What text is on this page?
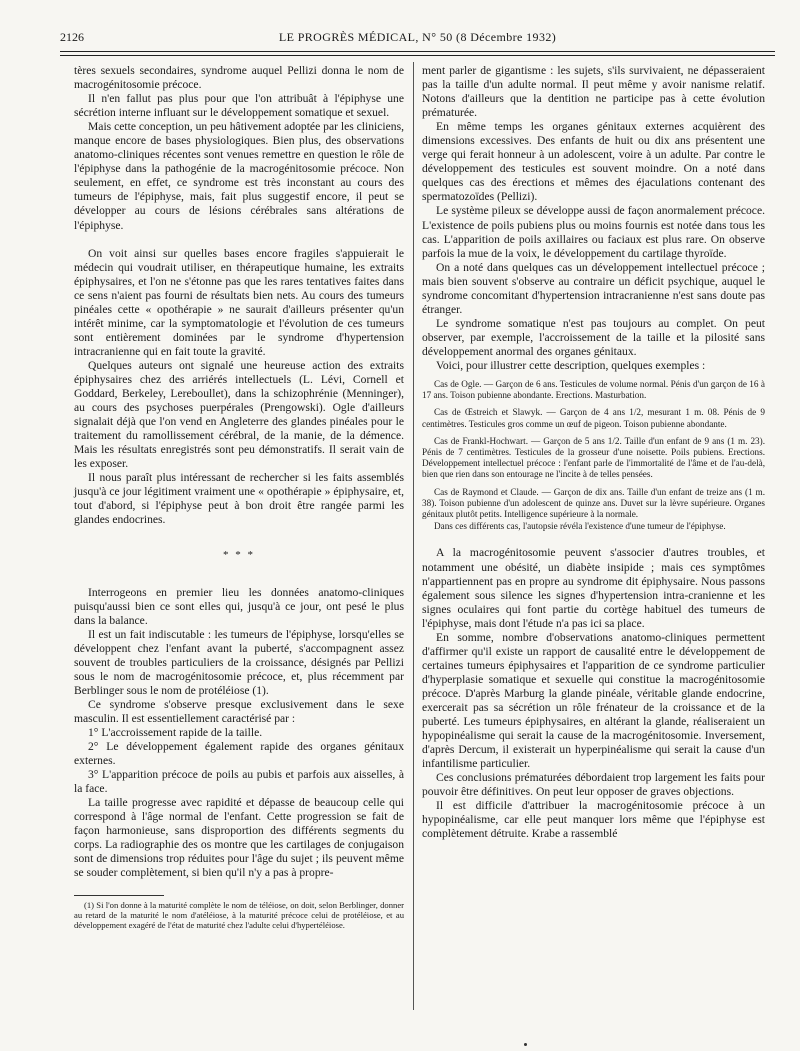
2126	LE PROGRÈS MÉDICAL, N° 50 (8 Décembre 1932)

tères sexuels secondaires, syndrome auquel Pellizi donna le nom de macrogénitosomie précoce.

Il n'en fallut pas plus pour que l'on attribuât à l'épiphyse une sécrétion interne influant sur le développement somatique et sexuel.

Mais cette conception, un peu hâtivement adoptée par les cliniciens, manque encore de bases physiologiques. Bien plus, des observations anatomo-cliniques récentes sont venues remettre en question le rôle de l'épiphyse dans la pathogénie de la macrogénitosomie précoce. Non seulement, en effet, ce syndrome est très inconstant au cours des tumeurs de l'épiphyse, mais, fait plus suggestif encore, il peut se développer au cours de lésions cérébrales sans altérations de l'épiphyse.

On voit ainsi sur quelles bases encore fragiles s'appuierait le médecin qui voudrait utiliser, en thérapeutique humaine, les extraits épiphysaires, et l'on ne s'étonne pas que les rares tentatives faites dans ce sens n'aient pas fourni de résultats bien nets. Au cours des tumeurs pinéales cette « opothérapie » ne saurait d'ailleurs présenter qu'un intérêt minime, car la symptomatologie et l'évolution de ces tumeurs sont entièrement dominées par le syndrome d'hypertension intracranienne qui en fait toute la gravité.

Quelques auteurs ont signalé une heureuse action des extraits épiphysaires chez des arriérés intellectuels (L. Lévi, Cornell et Goddard, Berkeley, Lereboullet), dans la schizophrénie (Menninger), au cours des psychoses puerpérales (Prengowski). Ogle d'ailleurs signalait déjà que l'on vend en Angleterre des glandes pinéales pour le traitement du ramollissement cérébral, de la manie, de la démence. Mais les résultats enregistrés sont peu démonstratifs. Il serait vain de les exposer.

Il nous paraît plus intéressant de rechercher si les faits assemblés jusqu'à ce jour légitiment vraiment une « opothérapie » épiphysaire, et, tout d'abord, si l'épiphyse peut à bon droit être rangée parmi les glandes endocrines.

* * *

Interrogeons en premier lieu les données anatomo-cliniques puisqu'aussi bien ce sont elles qui, jusqu'à ce jour, ont pesé le plus dans la balance.

Il est un fait indiscutable : les tumeurs de l'épiphyse, lorsqu'elles se développent chez l'enfant avant la puberté, s'accompagnent assez souvent de troubles particuliers de la croissance, désignés par Pellizi sous le nom de macrogénitosomie précoce, et, plus récemment par Berblinger sous le nom de protéléiose (1).

Ce syndrome s'observe presque exclusivement dans le sexe masculin. Il est essentiellement caractérisé par :

1° L'accroissement rapide de la taille.

2° Le développement également rapide des organes génitaux externes.

3° L'apparition précoce de poils au pubis et parfois aux aisselles, à la face.

La taille progresse avec rapidité et dépasse de beaucoup celle qui correspond à l'âge normal de l'enfant. Cette progression se fait de façon harmonieuse, sans disproportion des différents segments du corps. La radiographie des os montre que les cartilages de conjugaison sont de dimensions trop réduites pour l'âge du sujet ; ils peuvent même se souder complètement, si bien qu'il n'y a pas à propre-

(1) Si l'on donne à la maturité complète le nom de téléiose, on doit, selon Berblinger, donner au retard de la maturité le nom d'atéléiose, à la maturité précoce celui de protéléiose, et au développement exagéré de l'état de maturité chez l'adulte celui d'hypertéléiose.

ment parler de gigantisme : les sujets, s'ils survivaient, ne dépasseraient pas la taille d'un adulte normal. Il peut même y avoir nanisme relatif. Notons d'ailleurs que la dentition ne participe pas à cette évolution prématurée.

En même temps les organes génitaux externes acquièrent des dimensions excessives. Des enfants de huit ou dix ans présentent une verge qui ferait honneur à un adolescent, voire à un adulte. Par contre le développement des testicules est souvent moindre. On a noté dans quelques cas des érections et mêmes des éjaculations contenant des spermatozoïdes (Pellizi).

Le système pileux se développe aussi de façon anormalement précoce. L'existence de poils pubiens plus ou moins fournis est notée dans tous les cas. L'apparition de poils axillaires ou faciaux est plus rare. On observe parfois la mue de la voix, le développement du cartilage thyroïde.

On a noté dans quelques cas un développement intellectuel précoce ; mais bien souvent s'observe au contraire un déficit psychique, auquel le syndrome concomitant d'hypertension intracranienne n'est sans doute pas étranger.

Le syndrome somatique n'est pas toujours au complet. On peut observer, par exemple, l'accroissement de la taille et la pilosité sans développement anormal des organes génitaux.

Voici, pour illustrer cette description, quelques exemples :

Cas de Ogle. — Garçon de 6 ans. Testicules de volume normal. Pénis d'un garçon de 16 à 17 ans. Toison pubienne abondante. Erections. Masturbation.

Cas de Œstreich et Slawyk. — Garçon de 4 ans 1/2, mesurant 1 m. 08. Pénis de 9 centimètres. Testicules gros comme un œuf de pigeon. Toison pubienne abondante.

Cas de Frankl-Hochwart. — Garçon de 5 ans 1/2. Taille d'un enfant de 9 ans (1 m. 23). Pénis de 7 centimètres. Testicules de la grosseur d'une noisette. Poils pubiens. Erections. Développement intellectuel précoce : l'enfant parle de l'immortalité de l'âme et de l'au-delà, bien que rien dans son entourage ne l'incite à de telles pensées.

Cas de Raymond et Claude. — Garçon de dix ans. Taille d'un enfant de treize ans (1 m. 38). Toison pubienne d'un adolescent de quinze ans. Duvet sur la lèvre supérieure. Organes génitaux plutôt petits. Intelligence supérieure à la normale.

Dans ces différents cas, l'autopsie révéla l'existence d'une tumeur de l'épiphyse.

A la macrogénitosomie peuvent s'associer d'autres troubles, et notamment une obésité, un diabète insipide ; mais ces symptômes n'appartiennent pas en propre au syndrome dit épiphysaire. Nous passons également sous silence les signes d'hypertension intra-cranienne et les signes oculaires qui font partie du cortège habituel des tumeurs de l'épiphyse, mais dont l'étude n'a pas ici sa place.

En somme, nombre d'observations anatomo-cliniques permettent d'affirmer qu'il existe un rapport de causalité entre le développement de certaines tumeurs épiphysaires et l'apparition de ce syndrome particulier d'hyperplasie somatique et sexuelle qui constitue la macrogénitosomie précoce. D'après Marburg la glande pinéale, véritable glande endocrine, exercerait pas sa sécrétion un rôle frénateur de la croissance et de la puberté. Les tumeurs épiphysaires, en altérant la glande, réaliseraient un hypopinéalisme qui serait la cause de la macrogénitosomie. Inversement, d'après Dercum, il existerait un hyperpinéalisme qui serait la cause d'un infantilisme particulier.

Ces conclusions prématurées débordaient trop largement les faits pour pouvoir être définitives. On peut leur opposer de graves objections.

Il est difficile d'attribuer la macrogénitosomie précoce à un hypopinéalisme, car elle peut manquer lors même que l'épiphyse est complètement détruite. Krabe a rassemblé
